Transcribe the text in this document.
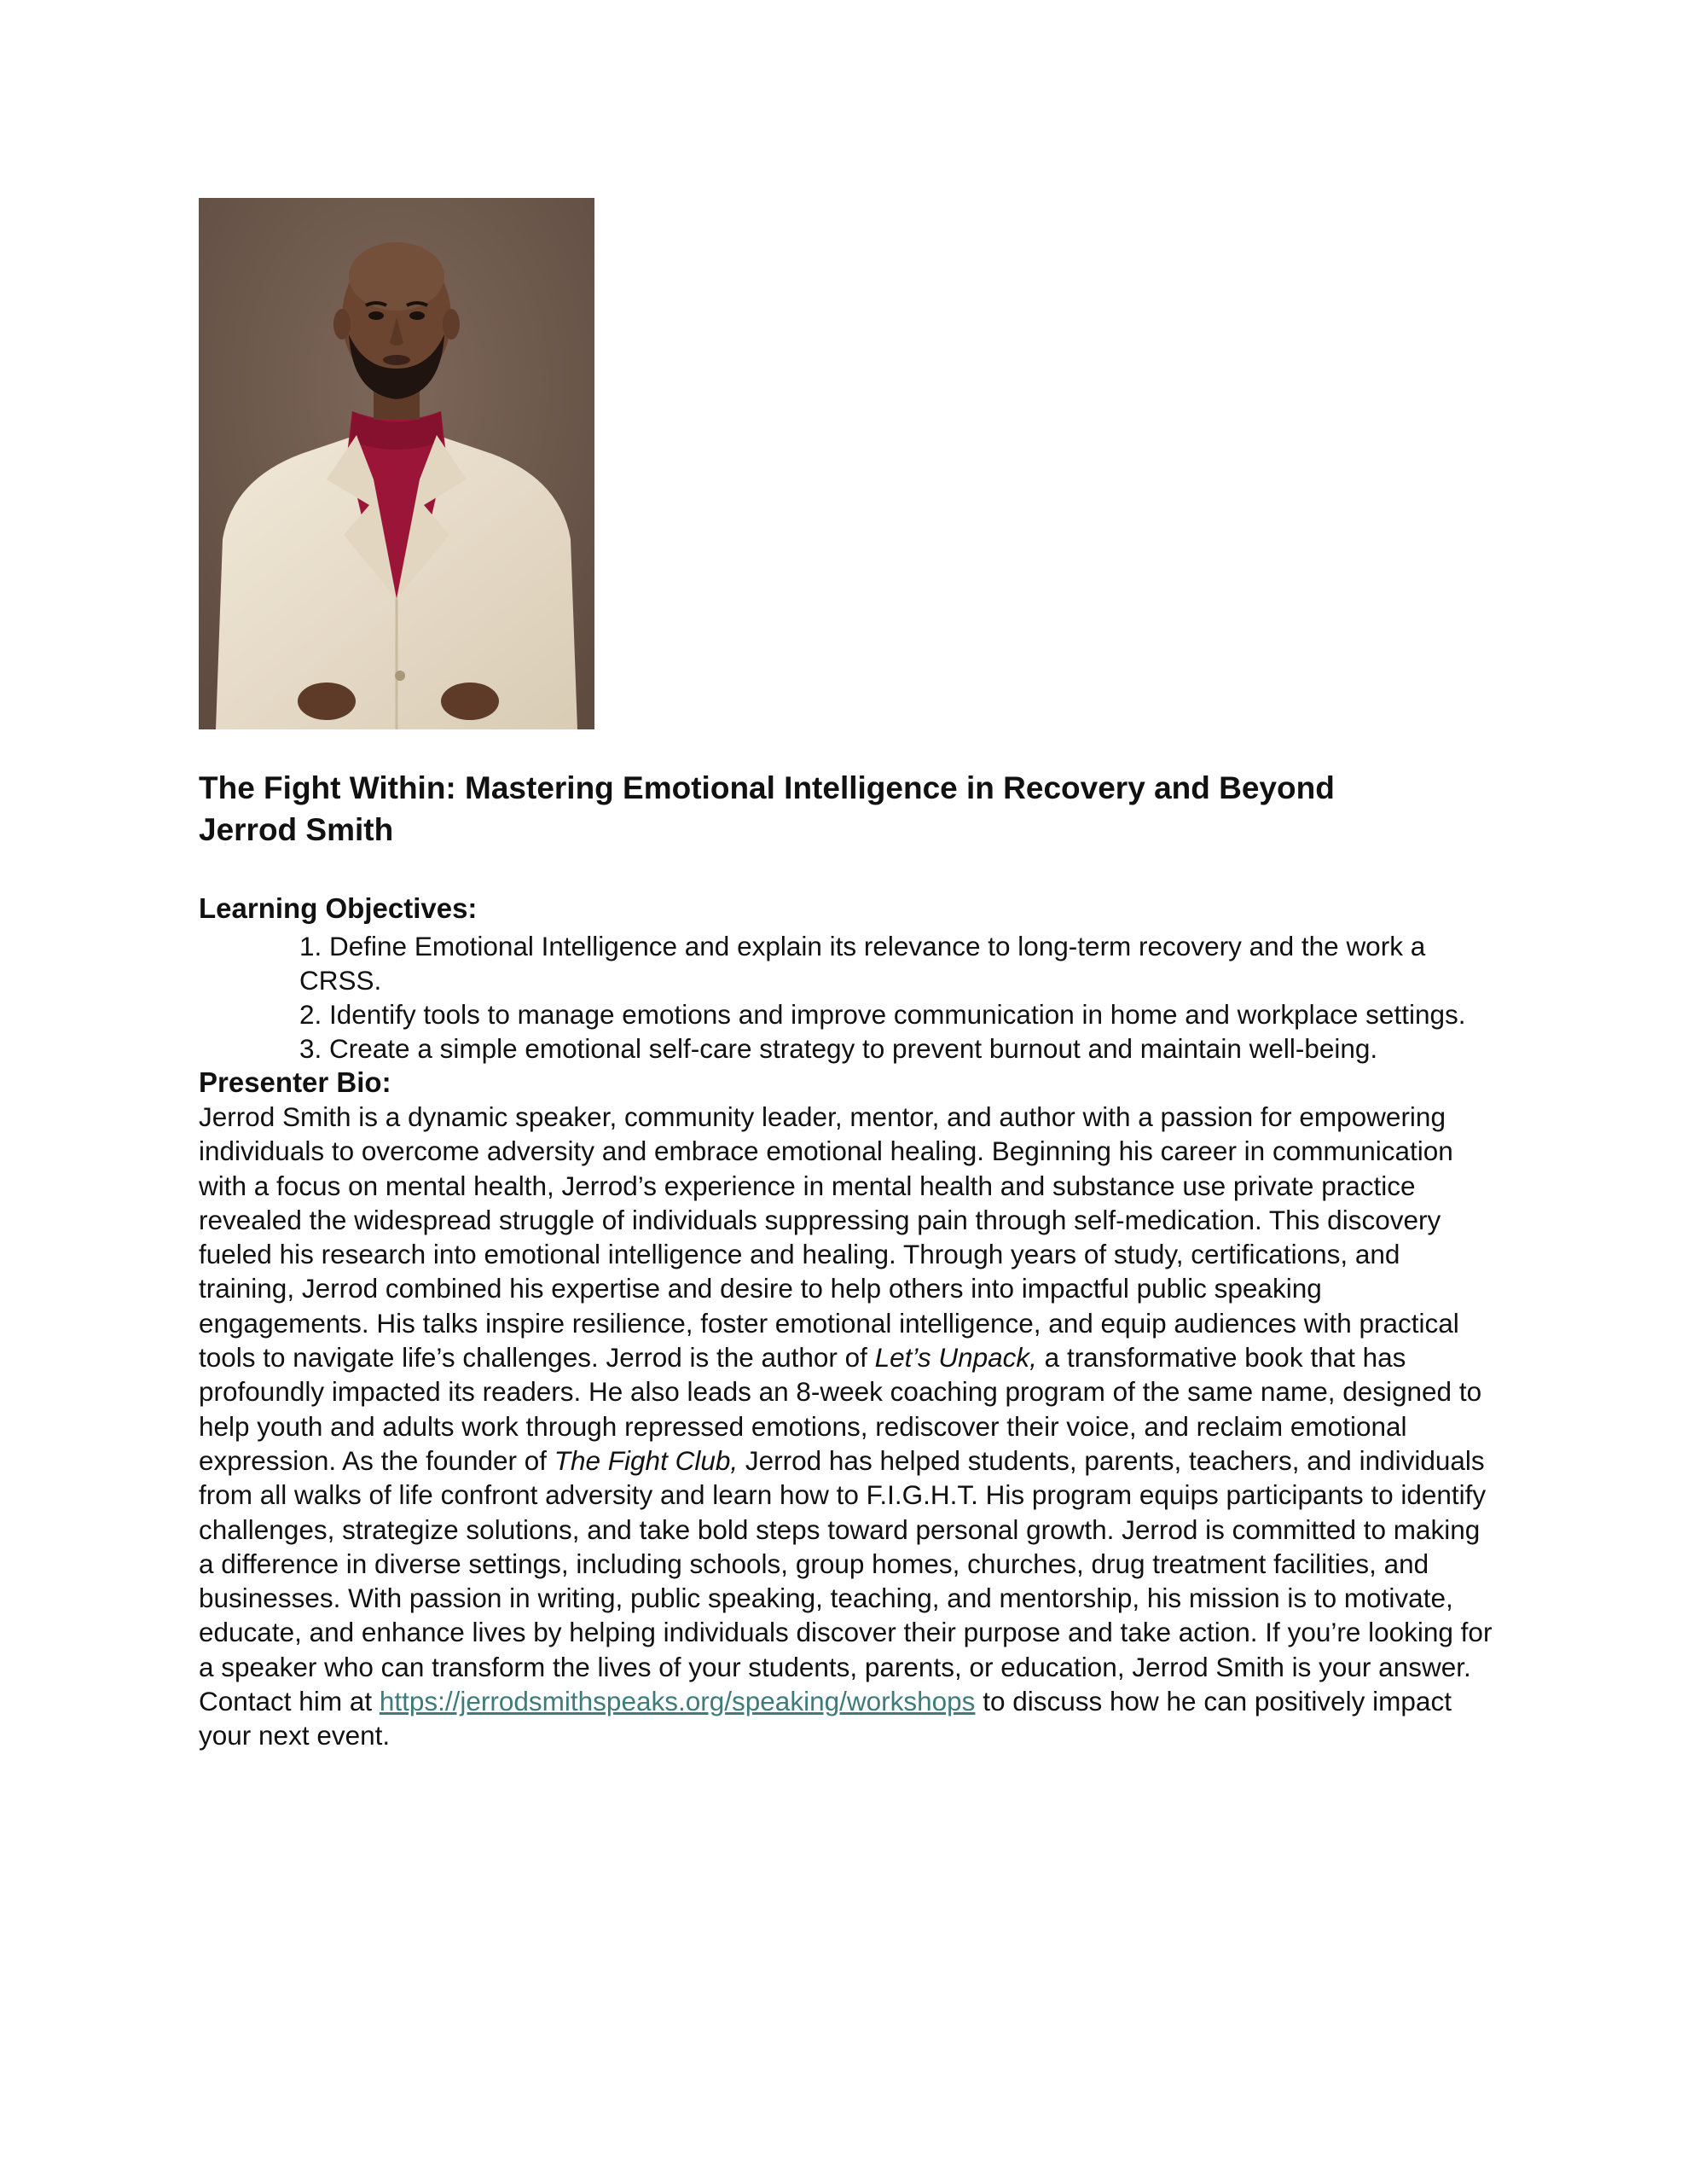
The Fight Within: Mastering Emotional Intelligence in Recovery and Beyond

Jerrod Smith

Learning Objectives:

1. Define Emotional Intelligence and explain its relevance to long-term recovery and the work a CRSS.
2. Identify tools to manage emotions and improve communication in home and workplace settings.
3. Create a simple emotional self-care strategy to prevent burnout and maintain well-being.

Presenter Bio:

Jerrod Smith is a dynamic speaker, community leader, mentor, and author with a passion for empowering individuals to overcome adversity and embrace emotional healing. Beginning his career in communication with a focus on mental health, Jerrod’s experience in mental health and substance use private practice revealed the widespread struggle of individuals suppressing pain through self-medication. This discovery fueled his research into emotional intelligence and healing. Through years of study, certifications, and training, Jerrod combined his expertise and desire to help others into impactful public speaking engagements. His talks inspire resilience, foster emotional intelligence, and equip audiences with practical tools to navigate life’s challenges. Jerrod is the author of Let’s Unpack, a transformative book that has profoundly impacted its readers. He also leads an 8-week coaching program of the same name, designed to help youth and adults work through repressed emotions, rediscover their voice, and reclaim emotional expression. As the founder of The Fight Club, Jerrod has helped students, parents, teachers, and individuals from all walks of life confront adversity and learn how to F.I.G.H.T. His program equips participants to identify challenges, strategize solutions, and take bold steps toward personal growth. Jerrod is committed to making a difference in diverse settings, including schools, group homes, churches, drug treatment facilities, and businesses. With passion in writing, public speaking, teaching, and mentorship, his mission is to motivate, educate, and enhance lives by helping individuals discover their purpose and take action. If you’re looking for a speaker who can transform the lives of your students, parents, or education, Jerrod Smith is your answer.

Contact him at https://jerrodsmithspeaks.org/speaking/workshops to discuss how he can positively impact your next event.
